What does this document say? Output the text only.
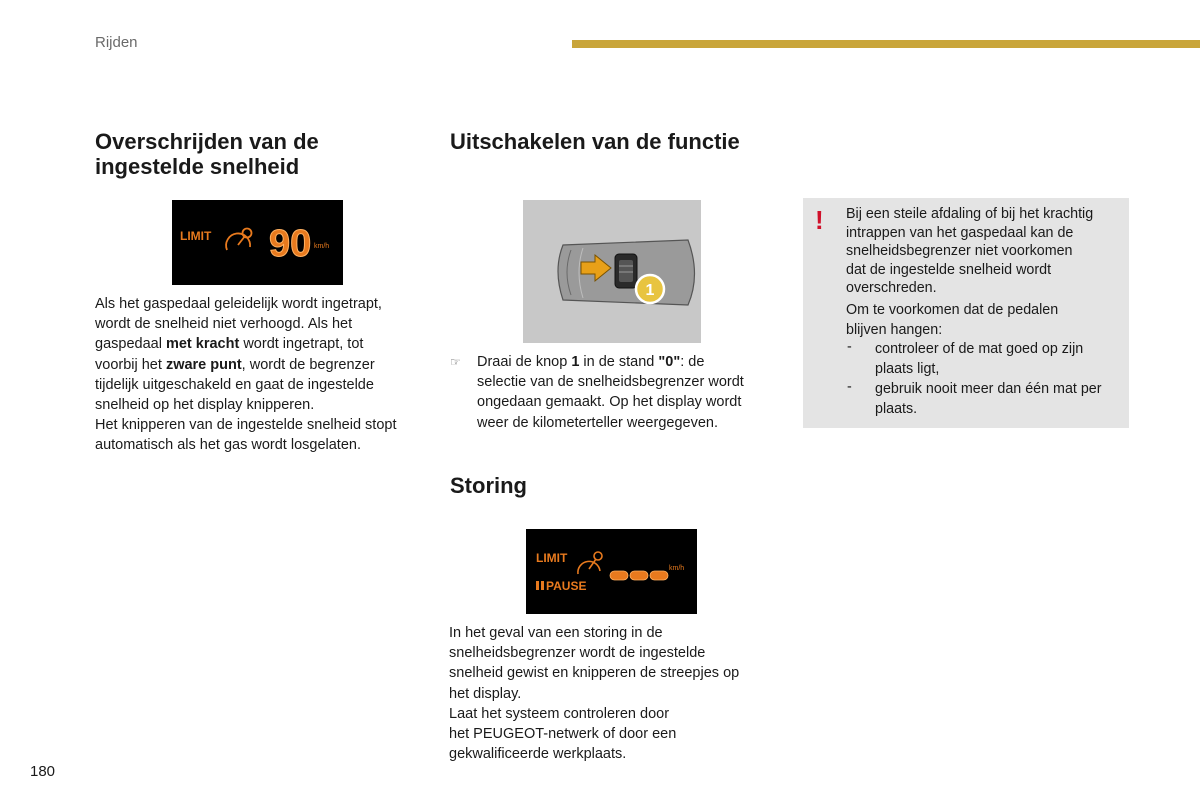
Rijden
Overschrijden van de
ingestelde snelheid
LIMIT 90 km/h
Als het gaspedaal geleidelijk wordt ingetrapt,
wordt de snelheid niet verhoogd. Als het
gaspedaal met kracht wordt ingetrapt, tot
voorbij het zware punt, wordt de begrenzer
tijdelijk uitgeschakeld en gaat de ingestelde
snelheid op het display knipperen.
Het knipperen van de ingestelde snelheid stopt
automatisch als het gas wordt losgelaten.
Uitschakelen van de functie
1
☞ Draai de knop 1 in de stand "0": de
selectie van de snelheidsbegrenzer wordt
ongedaan gemaakt. Op het display wordt
weer de kilometerteller weergegeven.
Storing
LIMIT
PAUSE
km/h
In het geval van een storing in de
snelheidsbegrenzer wordt de ingestelde
snelheid gewist en knipperen de streepjes op
het display.
Laat het systeem controleren door
het PEUGEOT-netwerk of door een
gekwalificeerde werkplaats.
! Bij een steile afdaling of bij het krachtig
intrappen van het gaspedaal kan de
snelheidsbegrenzer niet voorkomen
dat de ingestelde snelheid wordt
overschreden.
Om te voorkomen dat de pedalen
blijven hangen:
- controleer of de mat goed op zijn
plaats ligt,
- gebruik nooit meer dan één mat per
plaats.
180
